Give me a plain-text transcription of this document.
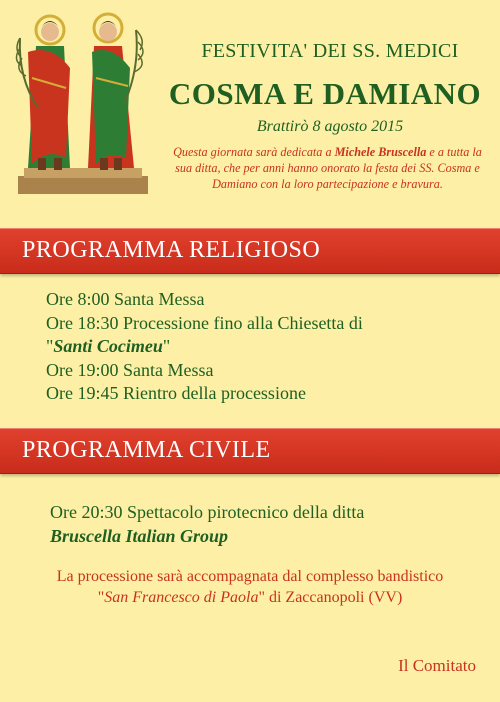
FESTIVITA' DEI SS. MEDICI
COSMA E DAMIANO
Brattirò 8 agosto 2015
Questa giornata sarà dedicata a Michele Bruscella e a tutta la sua ditta, che per anni hanno onorato la festa dei SS. Cosma e Damiano con la loro partecipazione e bravura.
PROGRAMMA RELIGIOSO
Ore 8:00 Santa Messa
Ore 18:30 Processione fino alla Chiesetta di
"Santi Cocimeu"
Ore 19:00 Santa Messa
Ore 19:45 Rientro della processione
PROGRAMMA CIVILE
Ore 20:30 Spettacolo pirotecnico della ditta
Bruscella Italian Group
La processione sarà accompagnata dal complesso bandistico
"San Francesco di Paola" di Zaccanopoli (VV)
Il Comitato
